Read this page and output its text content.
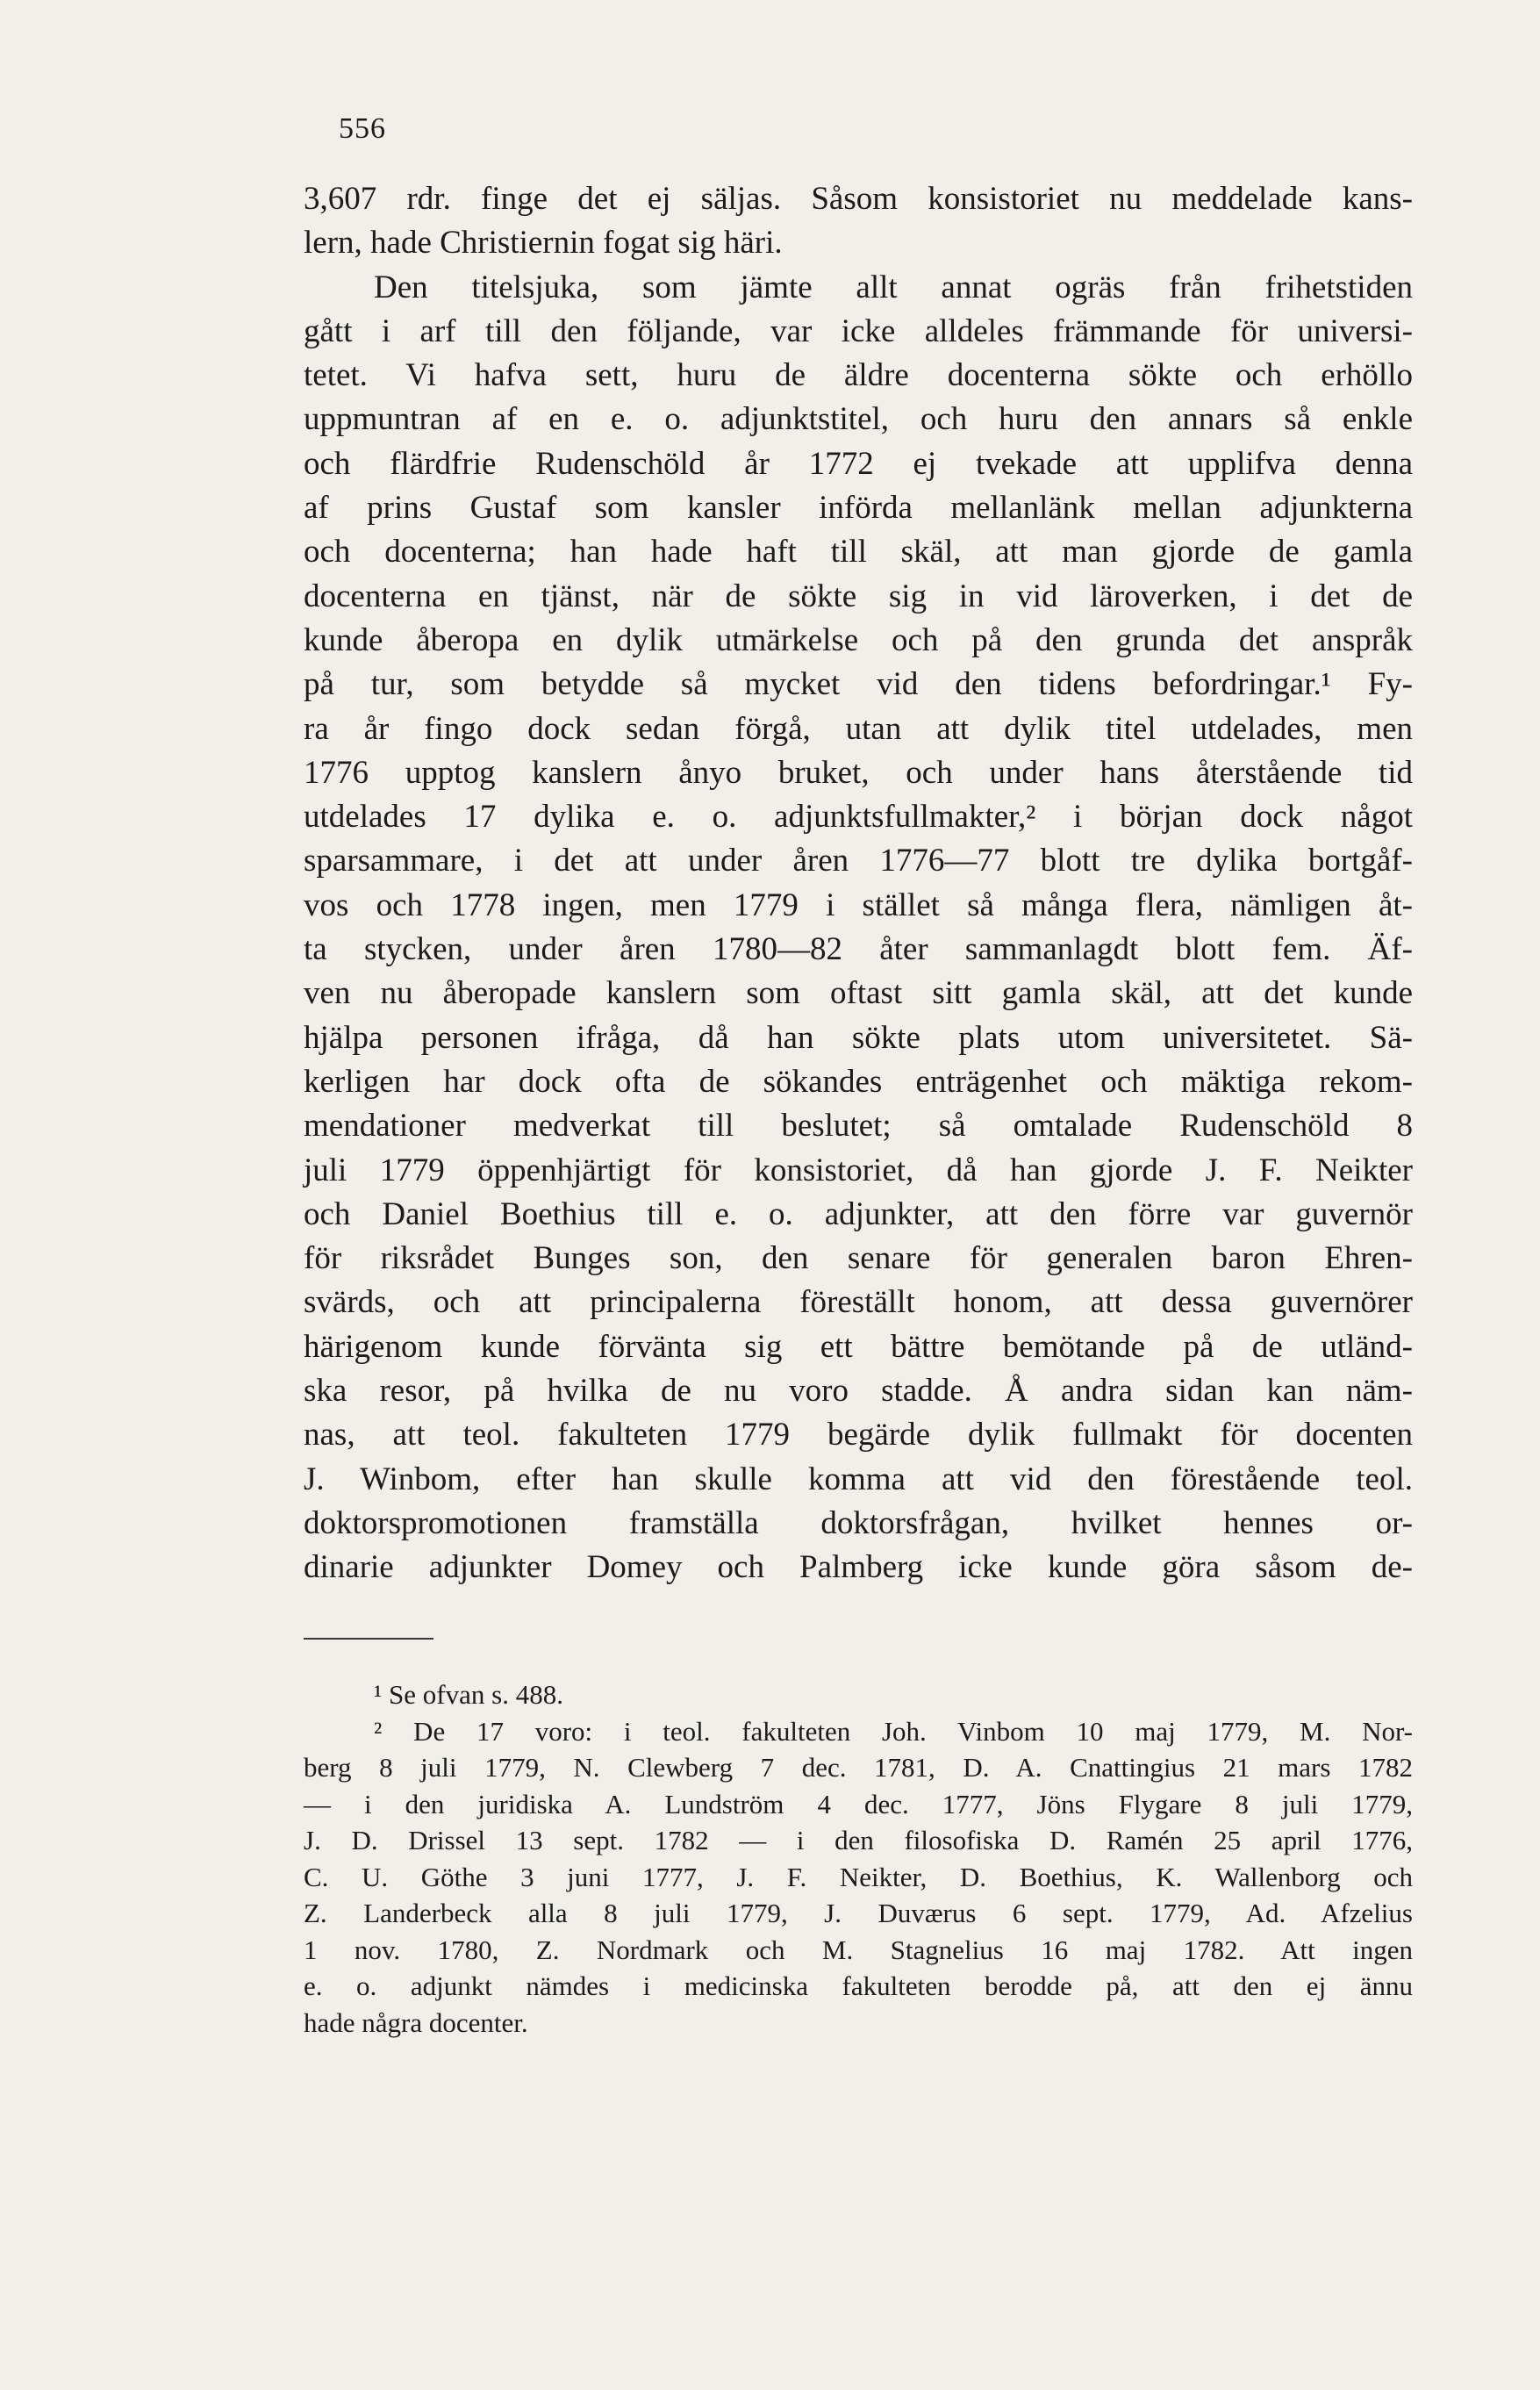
556
3,607 rdr. finge det ej säljas. Såsom konsistoriet nu meddelade kans-
lern, hade Christiernin fogat sig häri.
Den titelsjuka, som jämte allt annat ogräs från frihetstiden
gått i arf till den följande, var icke alldeles främmande för universi-
tetet. Vi hafva sett, huru de äldre docenterna sökte och erhöllo
uppmuntran af en e. o. adjunktstitel, och huru den annars så enkle
och flärdfrie Rudenschöld år 1772 ej tvekade att upplifva denna
af prins Gustaf som kansler införda mellanlänk mellan adjunkterna
och docenterna; han hade haft till skäl, att man gjorde de gamla
docenterna en tjänst, när de sökte sig in vid läroverken, i det de
kunde åberopa en dylik utmärkelse och på den grunda det anspråk
på tur, som betydde så mycket vid den tidens befordringar.¹ Fy-
ra år fingo dock sedan förgå, utan att dylik titel utdelades, men
1776 upptog kanslern ånyo bruket, och under hans återstående tid
utdelades 17 dylika e. o. adjunktsfullmakter,² i början dock något
sparsammare, i det att under åren 1776—77 blott tre dylika bortgåf-
vos och 1778 ingen, men 1779 i stället så många flera, nämligen åt-
ta stycken, under åren 1780—82 åter sammanlagdt blott fem. Äf-
ven nu åberopade kanslern som oftast sitt gamla skäl, att det kunde
hjälpa personen ifråga, då han sökte plats utom universitetet. Sä-
kerligen har dock ofta de sökandes enträgenhet och mäktiga rekom-
mendationer medverkat till beslutet; så omtalade Rudenschöld 8
juli 1779 öppenhjärtigt för konsistoriet, då han gjorde J. F. Neikter
och Daniel Boethius till e. o. adjunkter, att den förre var guvernör
för riksrådet Bunges son, den senare för generalen baron Ehren-
svärds, och att principalerna föreställt honom, att dessa guvernörer
härigenom kunde förvänta sig ett bättre bemötande på de utländ-
ska resor, på hvilka de nu voro stadde. Å andra sidan kan näm-
nas, att teol. fakulteten 1779 begärde dylik fullmakt för docenten
J. Winbom, efter han skulle komma att vid den förestående teol.
doktorspromotionen framställa doktorsfrågan, hvilket hennes or-
dinarie adjunkter Domey och Palmberg icke kunde göra såsom de-
¹ Se ofvan s. 488.
² De 17 voro: i teol. fakulteten Joh. Vinbom 10 maj 1779, M. Nor-
berg 8 juli 1779, N. Clewberg 7 dec. 1781, D. A. Cnattingius 21 mars 1782
— i den juridiska A. Lundström 4 dec. 1777, Jöns Flygare 8 juli 1779,
J. D. Drissel 13 sept. 1782 — i den filosofiska D. Ramén 25 april 1776,
C. U. Göthe 3 juni 1777, J. F. Neikter, D. Boethius, K. Wallenborg och
Z. Landerbeck alla 8 juli 1779, J. Duværus 6 sept. 1779, Ad. Afzelius
1 nov. 1780, Z. Nordmark och M. Stagnelius 16 maj 1782. Att ingen
e. o. adjunkt nämdes i medicinska fakulteten berodde på, att den ej ännu
hade några docenter.
